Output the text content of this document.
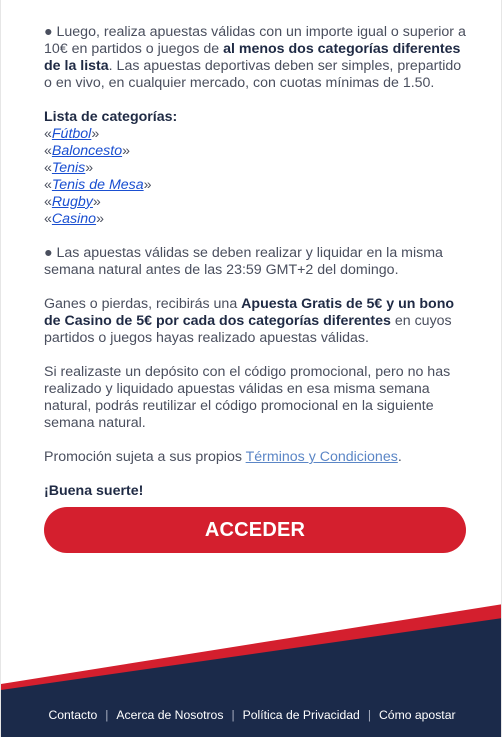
● Luego, realiza apuestas válidas con un importe igual o superior a 10€ en partidos o juegos de al menos dos categorías diferentes de la lista. Las apuestas deportivas deben ser simples, prepartido o en vivo, en cualquier mercado, con cuotas mínimas de 1.50.

Lista de categorías:

«Fútbol»

«Baloncesto»

«Tenis»

«Tenis de Mesa»

«Rugby»

«Casino»

● Las apuestas válidas se deben realizar y liquidar en la misma semana natural antes de las 23:59 GMT+2 del domingo.

Ganes o pierdas, recibirás una Apuesta Gratis de 5€ y un bono de Casino de 5€ por cada dos categorías diferentes en cuyos partidos o juegos hayas realizado apuestas válidas.

Si realizaste un depósito con el código promocional, pero no has realizado y liquidado apuestas válidas en esa misma semana natural, podrás reutilizar el código promocional en la siguiente semana natural.

Promoción sujeta a sus propios Términos y Condiciones.

¡Buena suerte!

ACCEDER
Contacto | Acerca de Nosotros | Política de Privacidad | Cómo apostar
